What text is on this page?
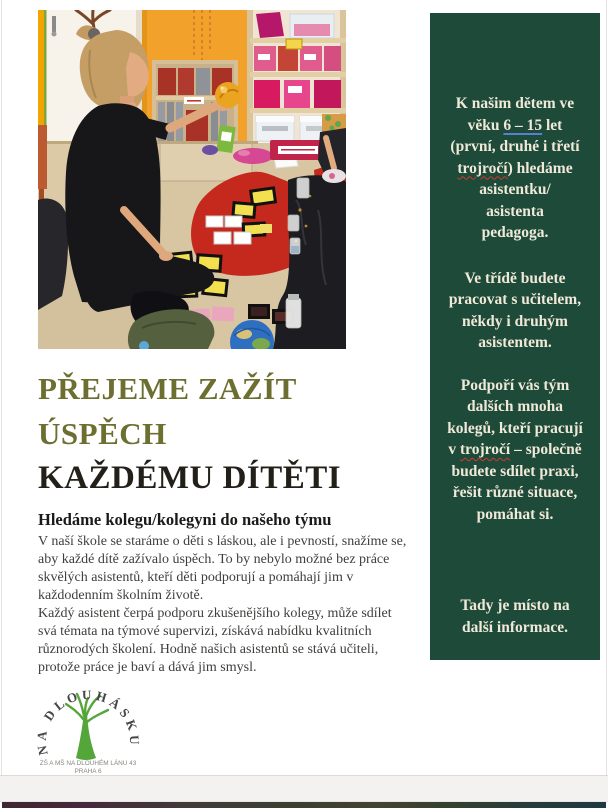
K našim dětem ve věku 6 – 15 let (první, druhé i třetí trojročí) hledáme asistentku/
asistenta
pedagoga.

Ve třídě budete pracovat s učitelem, někdy i druhým asistentem.

Podpoří vás tým dalších mnoha kolegů, kteří pracují v trojročí – společně budete sdílet praxi, řešit různé situace, pomáhat si.

Tady je místo na další informace.

PŘEJEME ZAŽÍT
ÚSPĚCH
KAŽDÉMU DÍTĚTI
Hledáme kolegu/kolegyni do našeho týmu

V naší škole se staráme o děti s láskou, ale i pevností, snažíme se, aby každé dítě zažívalo úspěch. To by nebylo možné bez práce skvělých asistentů, kteří děti podporují a pomáhají jim v každodenním školním životě.

Každý asistent čerpá podporu zkušenějšího kolegy, může sdílet svá témata na týmové supervizi, získává nabídku kvalitních různorodých školení. Hodně našich asistentů se stává učiteli, protože práce je baví a dává jim smysl.

NA DLOUHÁSKU
ZŠ A MŠ NA DLOUHÉM LÁNU 43
PRAHA 6
